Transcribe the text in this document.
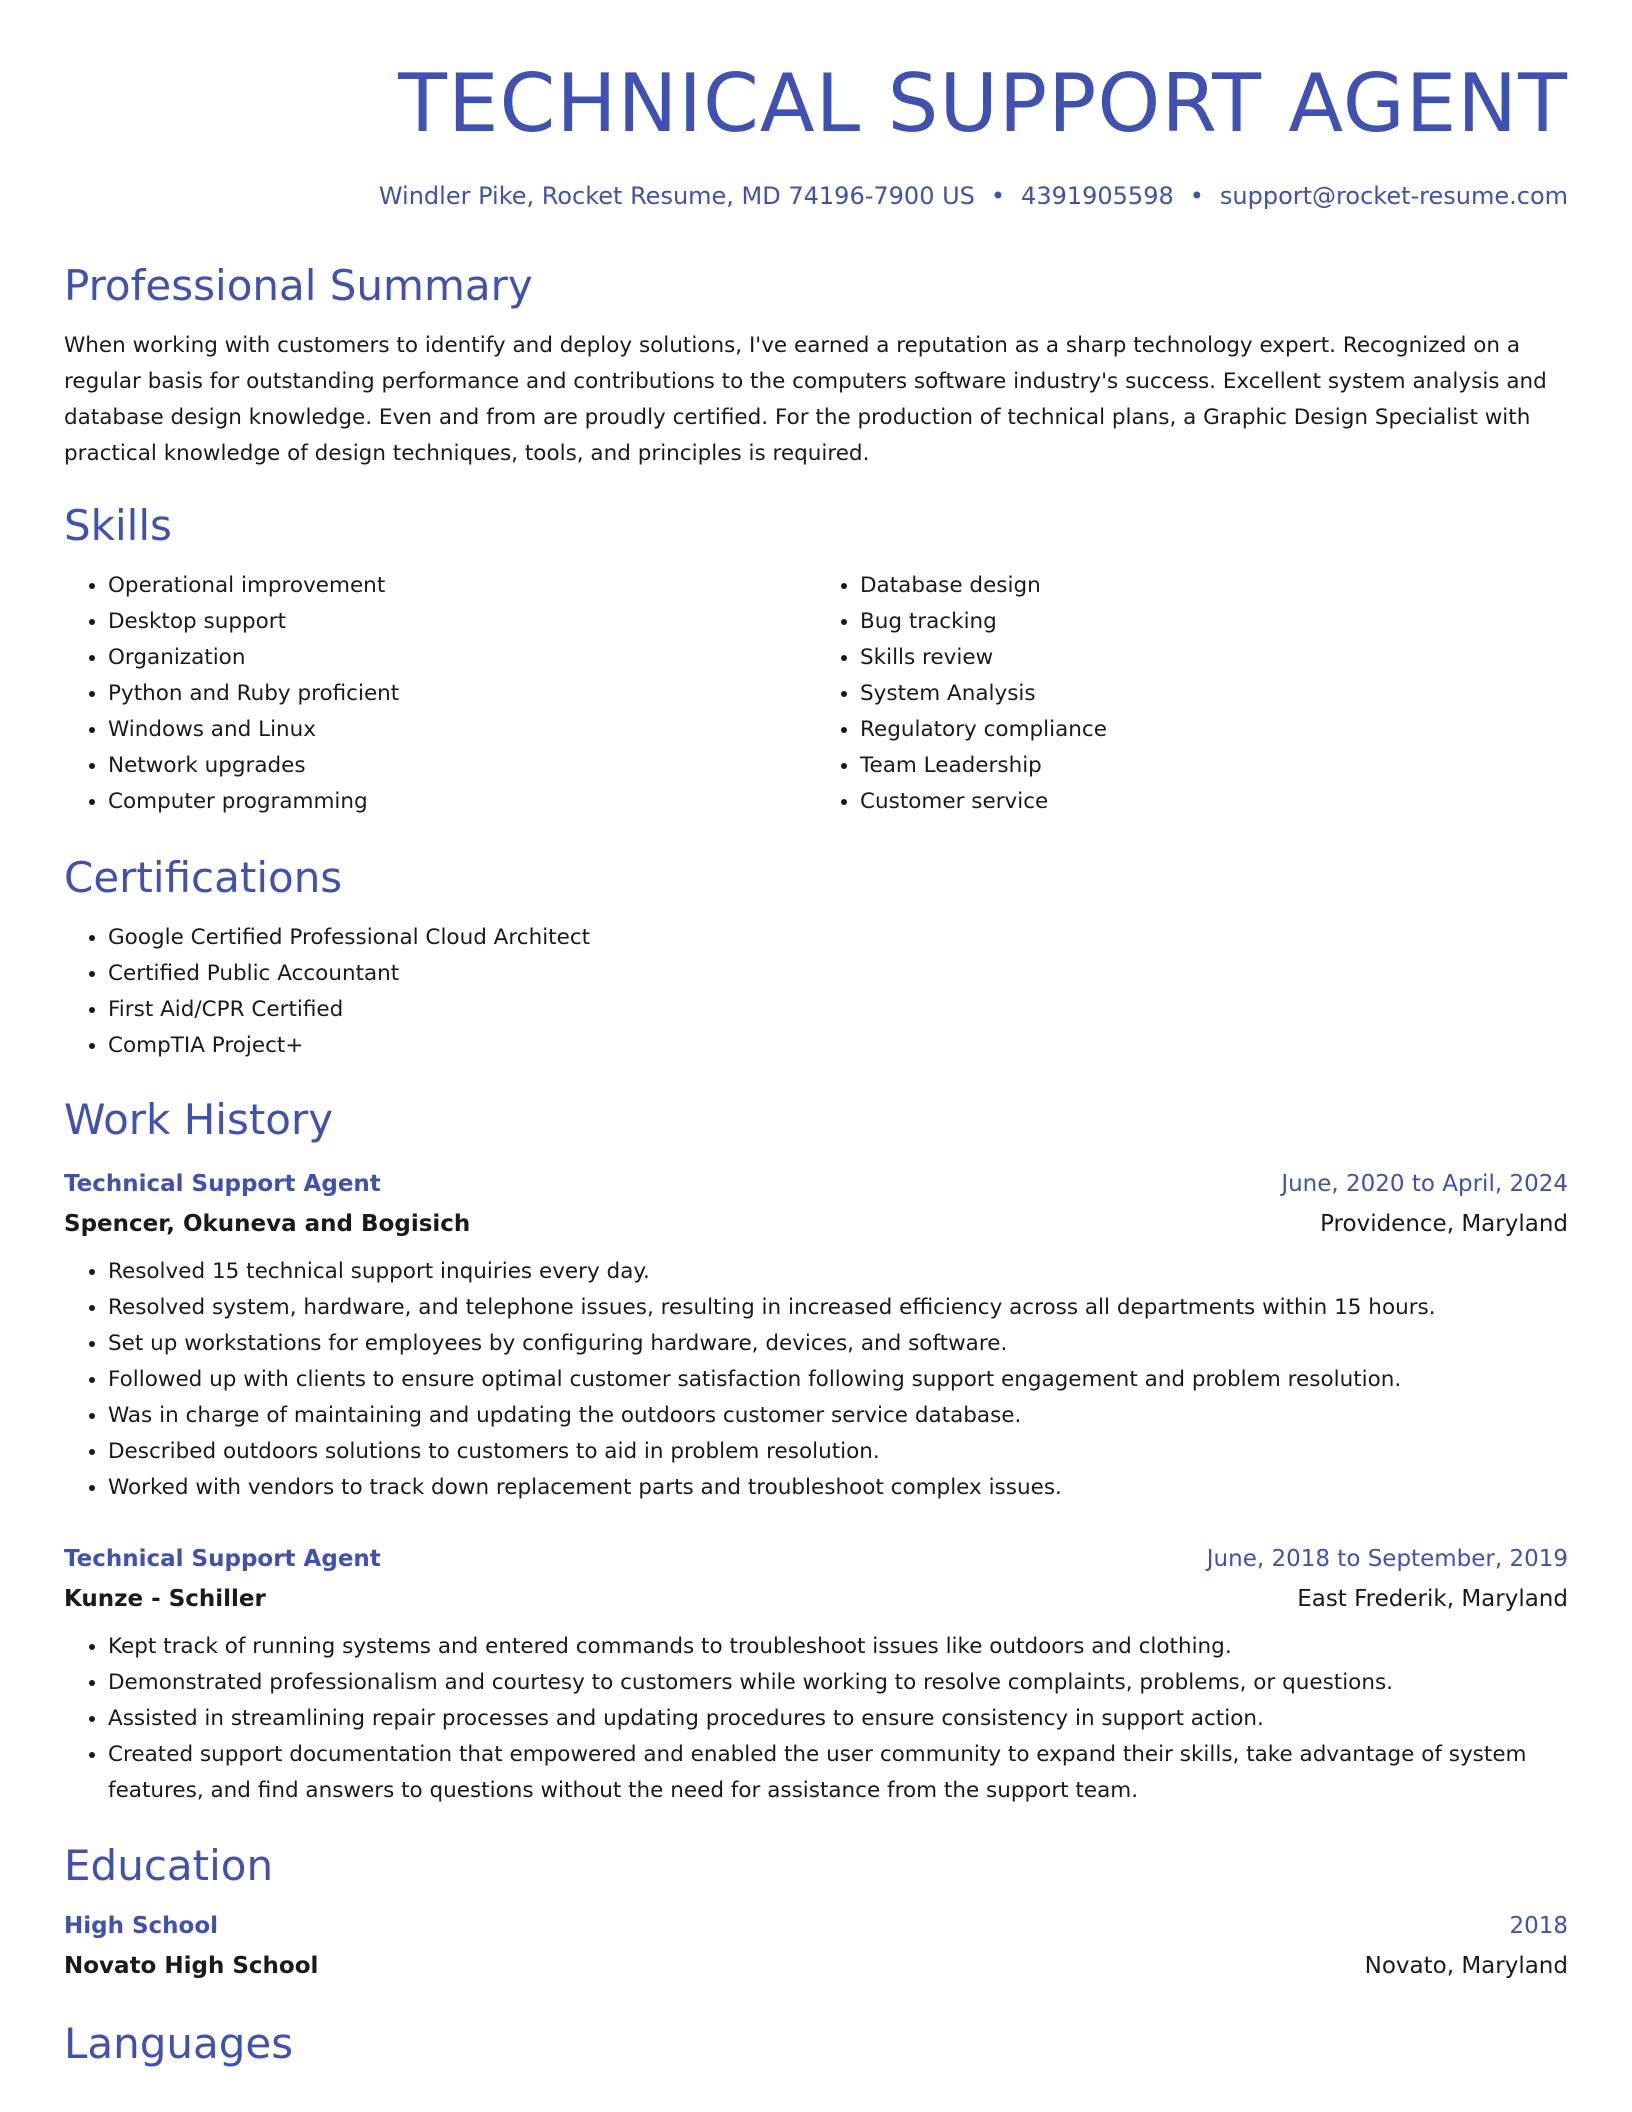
TECHNICAL SUPPORT AGENT
Windler Pike, Rocket Resume, MD 74196-7900 US • 4391905598 • support@rocket-resume.com
Professional Summary

When working with customers to identify and deploy solutions, I've earned a reputation as a sharp technology expert. Recognized on a regular basis for outstanding performance and contributions to the computers software industry's success. Excellent system analysis and database design knowledge. Even and from are proudly certified. For the production of technical plans, a Graphic Design Specialist with practical knowledge of design techniques, tools, and principles is required.

Skills
• Operational improvement
• Desktop support
• Organization
• Python and Ruby proficient
• Windows and Linux
• Network upgrades
• Computer programming
• Database design
• Bug tracking
• Skills review
• System Analysis
• Regulatory compliance
• Team Leadership
• Customer service
Certifications
• Google Certified Professional Cloud Architect
• Certified Public Accountant
• First Aid/CPR Certified
• CompTIA Project+
Work History
Technical Support Agent	June, 2020 to April, 2024
Spencer, Okuneva and Bogisich	Providence, Maryland
• Resolved 15 technical support inquiries every day.
• Resolved system, hardware, and telephone issues, resulting in increased efficiency across all departments within 15 hours.
• Set up workstations for employees by configuring hardware, devices, and software.
• Followed up with clients to ensure optimal customer satisfaction following support engagement and problem resolution.
• Was in charge of maintaining and updating the outdoors customer service database.
• Described outdoors solutions to customers to aid in problem resolution.
• Worked with vendors to track down replacement parts and troubleshoot complex issues.
Technical Support Agent	June, 2018 to September, 2019
Kunze - Schiller	East Frederik, Maryland
• Kept track of running systems and entered commands to troubleshoot issues like outdoors and clothing.
• Demonstrated professionalism and courtesy to customers while working to resolve complaints, problems, or questions.
• Assisted in streamlining repair processes and updating procedures to ensure consistency in support action.
• Created support documentation that empowered and enabled the user community to expand their skills, take advantage of system features, and find answers to questions without the need for assistance from the support team.
Education
High School	2018
Novato High School	Novato, Maryland
Languages
